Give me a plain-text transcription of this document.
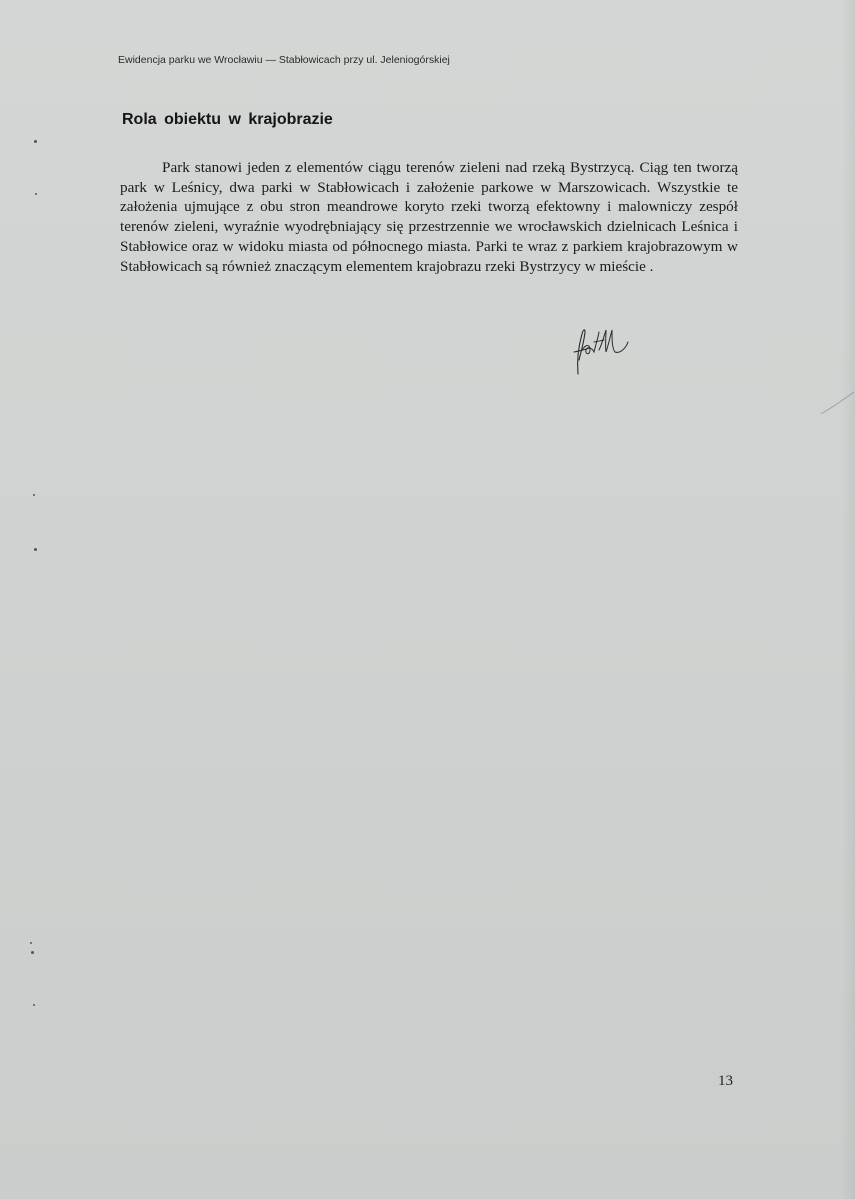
Ewidencja parku we Wrocławiu — Stabłowicach przy ul. Jeleniogórskiej
Rola obiektu w krajobrazie

Park stanowi jeden z elementów ciągu terenów zieleni nad rzeką Bystrzycą. Ciąg ten tworzą park w Leśnicy, dwa parki w Stabłowicach i założenie parkowe w Marszowicach. Wszystkie te założenia ujmujące z obu stron meandrowe koryto rzeki tworzą efektowny i malowniczy zespół terenów zieleni, wyraźnie wyodrębniający się przestrzennie we wrocławskich dzielnicach Leśnica i Stabłowice oraz w widoku miasta od północnego miasta. Parki te wraz z parkiem krajobrazowym w Stabłowicach są również znaczącym elementem krajobrazu rzeki Bystrzycy w mieście .

13
